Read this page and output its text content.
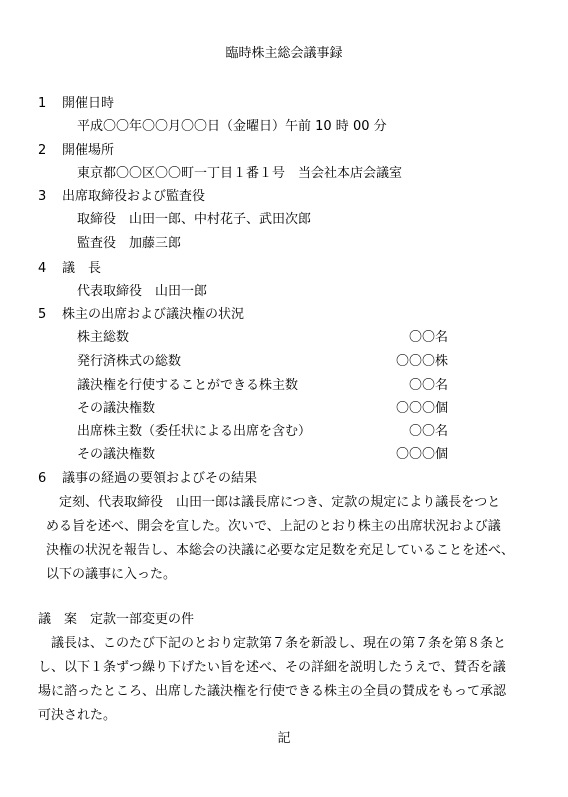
臨時株主総会議事録
1 開催日時
平成〇〇年〇〇月〇〇日（金曜日）午前 10 時 00 分
2 開催場所
東京都〇〇区〇〇町一丁目１番１号　当会社本店会議室
3 出席取締役および監査役
取締役　山田一郎、中村花子、武田次郎
監査役　加藤三郎
4 議　長
代表取締役　山田一郎
5 株主の出席および議決権の状況
株主総数	〇〇名
発行済株式の総数	〇〇〇株
議決権を行使することができる株主数	〇〇名
その議決権数	〇〇〇個
出席株主数（委任状による出席を含む）	〇〇名
その議決権数	〇〇〇個
6 議事の経過の要領およびその結果
　定刻、代表取締役　山田一郎は議長席につき、定款の規定により議長をつと
める旨を述べ、開会を宣した。次いで、上記のとおり株主の出席状況および議
決権の状況を報告し、本総会の決議に必要な定足数を充足していることを述べ、
以下の議事に入った。
議　案　定款一部変更の件
　議長は、このたび下記のとおり定款第７条を新設し、現在の第７条を第８条と
し、以下１条ずつ繰り下げたい旨を述べ、その詳細を説明したうえで、賛否を議
場に諮ったところ、出席した議決権を行使できる株主の全員の賛成をもって承認
可決された。
記
